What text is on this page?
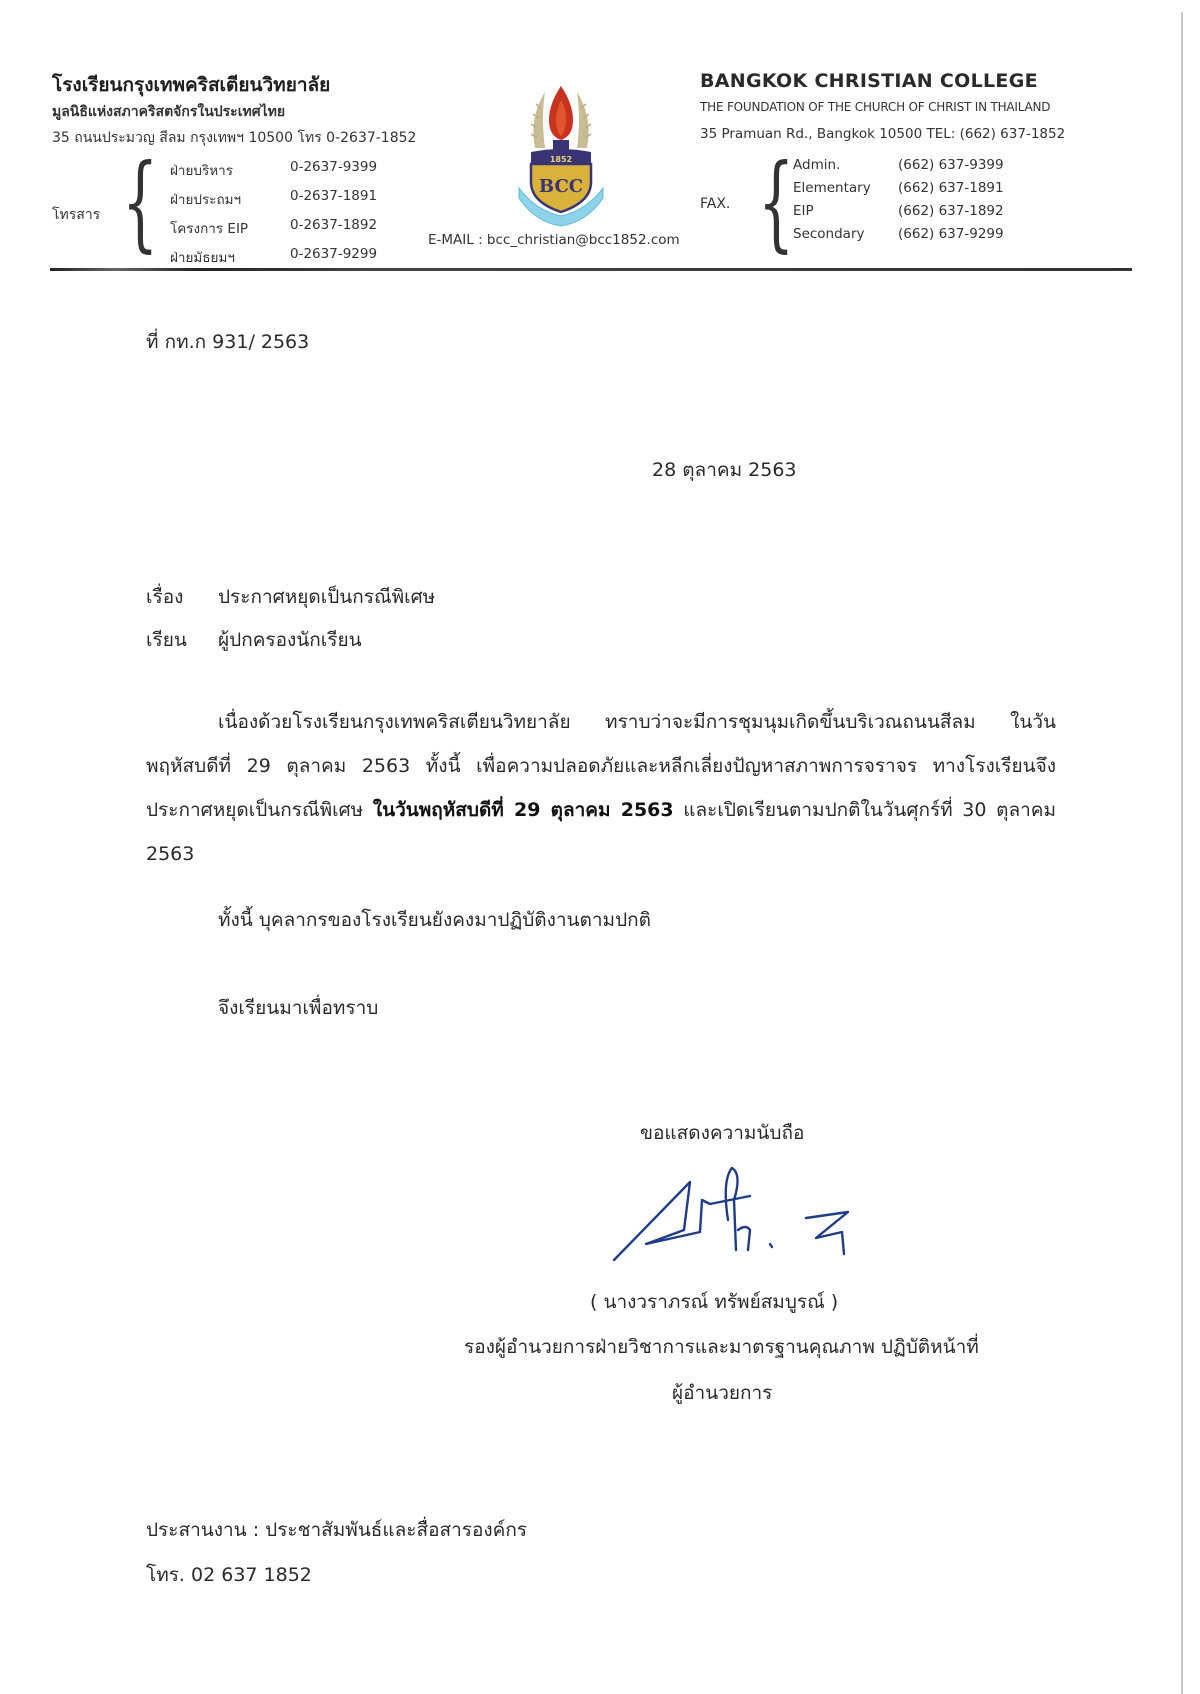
โรงเรียนกรุงเทพคริสเตียนวิทยาลัย
มูลนิธิแห่งสภาคริสตจักรในประเทศไทย
35 ถนนประมวญ สีลม กรุงเทพฯ 10500 โทร 0-2637-1852
โทรสาร { ฝ่ายบริหาร	0-2637-9399
ฝ่ายประถมฯ	0-2637-1891
โครงการ EIP	0-2637-1892
ฝ่ายมัธยมฯ	0-2637-9299
1852
BCC
E-MAIL : bcc_christian@bcc1852.com
BANGKOK CHRISTIAN COLLEGE
THE FOUNDATION OF THE CHURCH OF CHRIST IN THAILAND
35 Pramuan Rd., Bangkok 10500 TEL: (662) 637-1852
FAX. {
Admin.	(662) 637-9399
Elementary	(662) 637-1891
EIP	(662) 637-1892
Secondary	(662) 637-9299
ที่ กท.ก 931/ 2563
28 ตุลาคม 2563
เรื่อง ประกาศหยุดเป็นกรณีพิเศษ
เรียน ผู้ปกครองนักเรียน
เนื่องด้วยโรงเรียนกรุงเทพคริสเตียนวิทยาลัย ทราบว่าจะมีการชุมนุมเกิดขึ้นบริเวณถนนสีลม ในวันพฤหัสบดีที่ 29 ตุลาคม 2563 ทั้งนี้ เพื่อความปลอดภัยและหลีกเลี่ยงปัญหาสภาพการจราจร ทางโรงเรียนจึงประกาศหยุดเป็นกรณีพิเศษ ในวันพฤหัสบดีที่ 29 ตุลาคม 2563 และเปิดเรียนตามปกติในวันศุกร์ที่ 30 ตุลาคม 2563
ทั้งนี้ บุคลากรของโรงเรียนยังคงมาปฏิบัติงานตามปกติ
จึงเรียนมาเพื่อทราบ
ขอแสดงความนับถือ
( นางวราภรณ์ ทรัพย์สมบูรณ์ )
รองผู้อำนวยการฝ่ายวิชาการและมาตรฐานคุณภาพ ปฏิบัติหน้าที่
ผู้อำนวยการ
ประสานงาน : ประชาสัมพันธ์และสื่อสารองค์กร
โทร. 02 637 1852
